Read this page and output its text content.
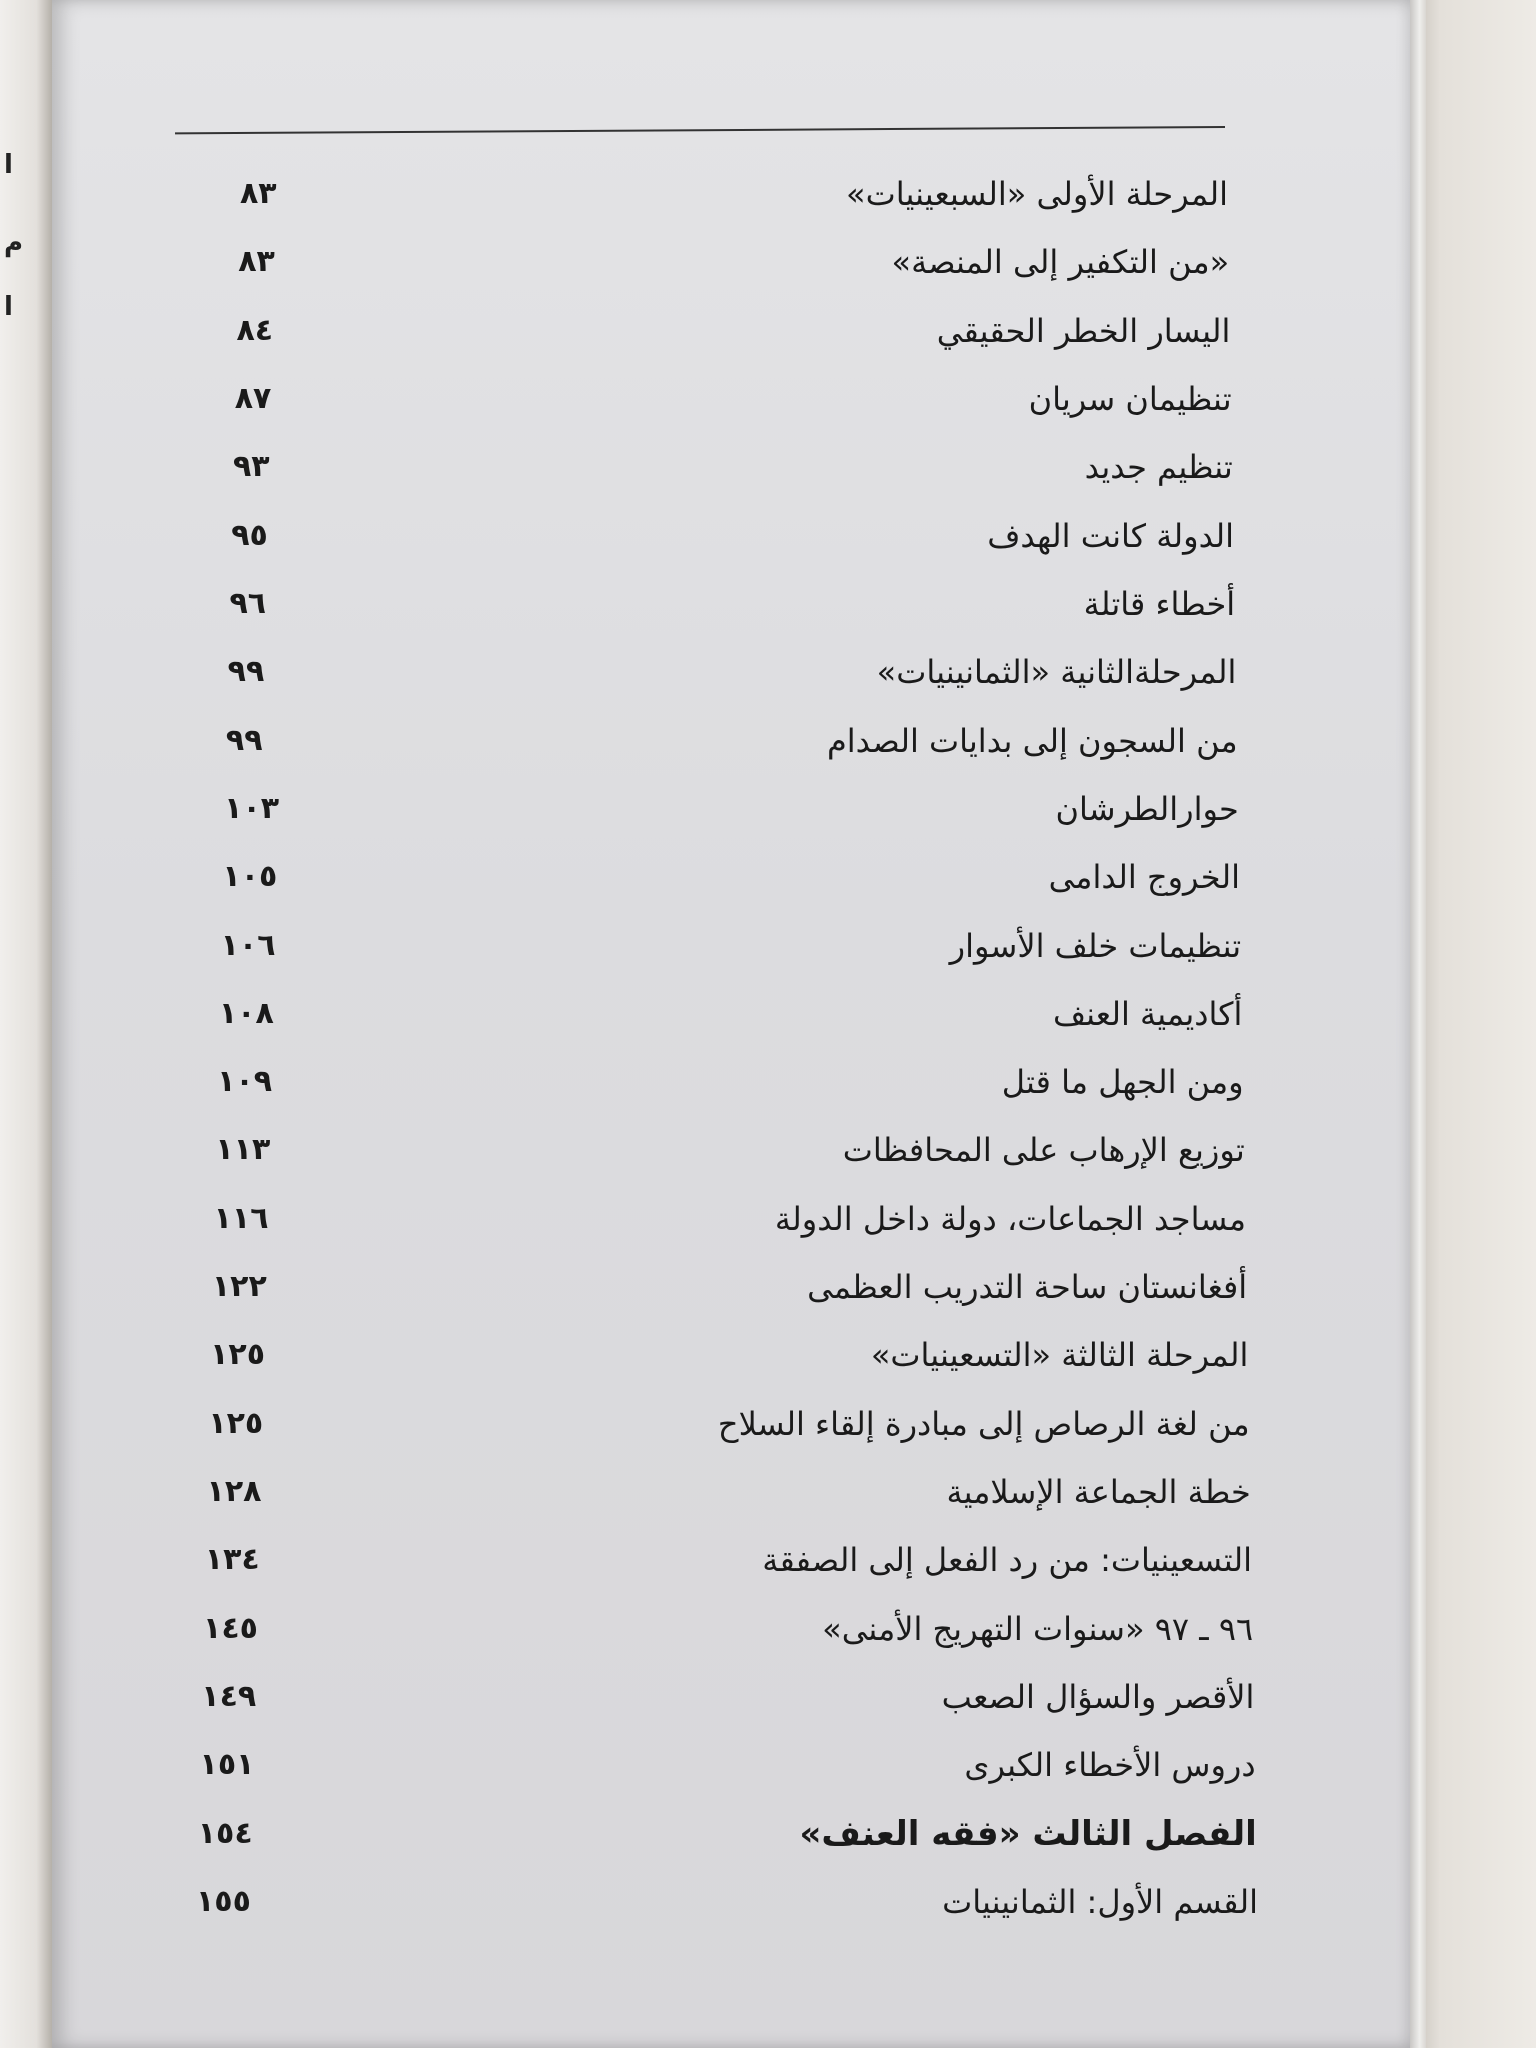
ا
م
ا
المرحلة الأولى «السبعينيات»
٨٣
«من التكفير إلى المنصة»
٨٣
اليسار الخطر الحقيقي
٨٤
تنظيمان سريان
٨٧
تنظيم جديد
٩٣
الدولة كانت الهدف
٩٥
أخطاء قاتلة
٩٦
المرحلةالثانية «الثمانينيات»
٩٩
من السجون إلى بدايات الصدام
٩٩
حوارالطرشان
١٠٣
الخروج الدامى
١٠٥
تنظيمات خلف الأسوار
١٠٦
أكاديمية العنف
١٠٨
ومن الجهل ما قتل
١٠٩
توزيع الإرهاب على المحافظات
١١٣
مساجد الجماعات، دولة داخل الدولة
١١٦
أفغانستان ساحة التدريب العظمى
١٢٢
المرحلة الثالثة «التسعينيات»
١٢٥
من لغة الرصاص إلى مبادرة إلقاء السلاح
١٢٥
خطة الجماعة الإسلامية
١٢٨
التسعينيات: من رد الفعل إلى الصفقة
١٣٤
٩٦ ـ ٩٧ «سنوات التهريج الأمنى»
١٤٥
الأقصر والسؤال الصعب
١٤٩
دروس الأخطاء الكبرى
١٥١
الفصل الثالث «فقه العنف»
١٥٤
القسم الأول: الثمانينيات
١٥٥
